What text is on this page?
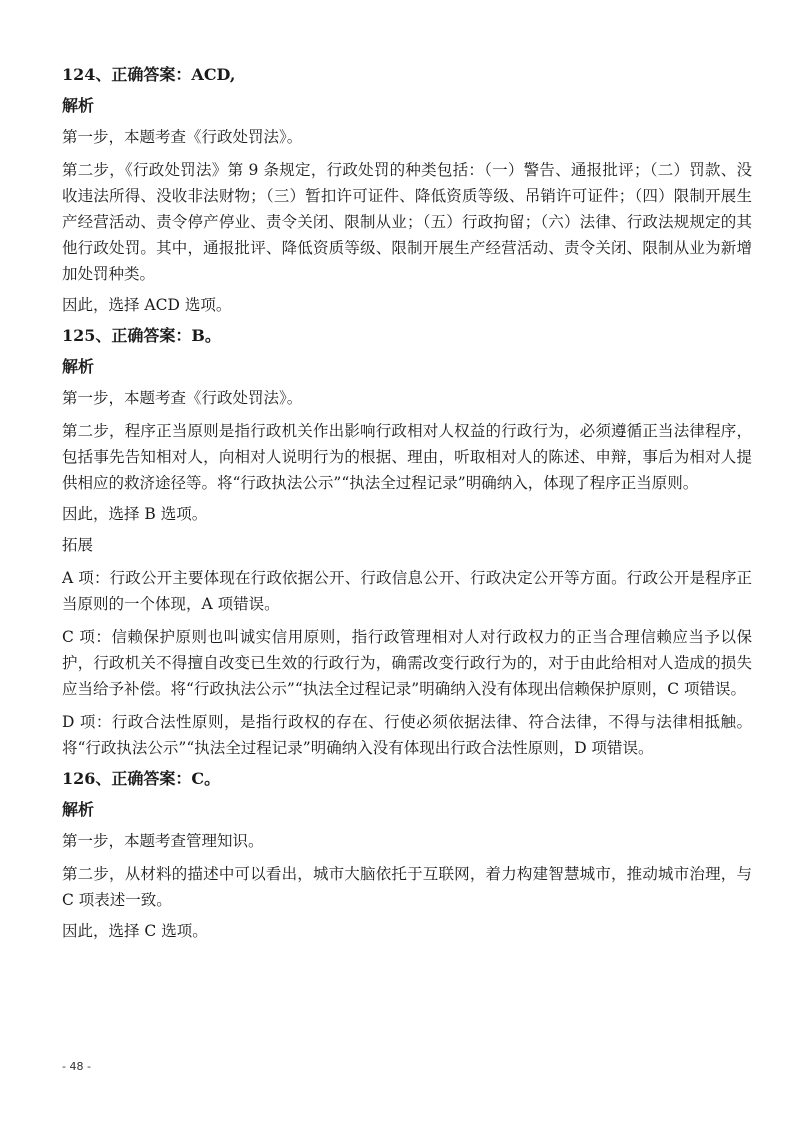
124、正确答案：ACD,
解析
第一步，本题考查《行政处罚法》。
第二步，《行政处罚法》第 9 条规定，行政处罚的种类包括：（一）警告、通报批评；（二）罚款、没收违法所得、没收非法财物；（三）暂扣许可证件、降低资质等级、吊销许可证件；（四）限制开展生产经营活动、责令停产停业、责令关闭、限制从业；（五）行政拘留；（六）法律、行政法规规定的其他行政处罚。其中，通报批评、降低资质等级、限制开展生产经营活动、责令关闭、限制从业为新增加处罚种类。
因此，选择 ACD 选项。
125、正确答案：B。
解析
第一步，本题考查《行政处罚法》。
第二步，程序正当原则是指行政机关作出影响行政相对人权益的行政行为，必须遵循正当法律程序，包括事先告知相对人，向相对人说明行为的根据、理由，听取相对人的陈述、申辩，事后为相对人提供相应的救济途径等。将“行政执法公示”“执法全过程记录”明确纳入，体现了程序正当原则。
因此，选择 B 选项。
拓展
A 项：行政公开主要体现在行政依据公开、行政信息公开、行政决定公开等方面。行政公开是程序正当原则的一个体现，A 项错误。
C 项：信赖保护原则也叫诚实信用原则，指行政管理相对人对行政权力的正当合理信赖应当予以保护，行政机关不得擅自改变已生效的行政行为，确需改变行政行为的，对于由此给相对人造成的损失应当给予补偿。将“行政执法公示”“执法全过程记录”明确纳入没有体现出信赖保护原则，C 项错误。
D 项：行政合法性原则，是指行政权的存在、行使必须依据法律、符合法律，不得与法律相抵触。将“行政执法公示”“执法全过程记录”明确纳入没有体现出行政合法性原则，D 项错误。
126、正确答案：C。
解析
第一步，本题考查管理知识。
第二步，从材料的描述中可以看出，城市大脑依托于互联网，着力构建智慧城市，推动城市治理，与 C 项表述一致。
因此，选择 C 选项。
- 48 -
